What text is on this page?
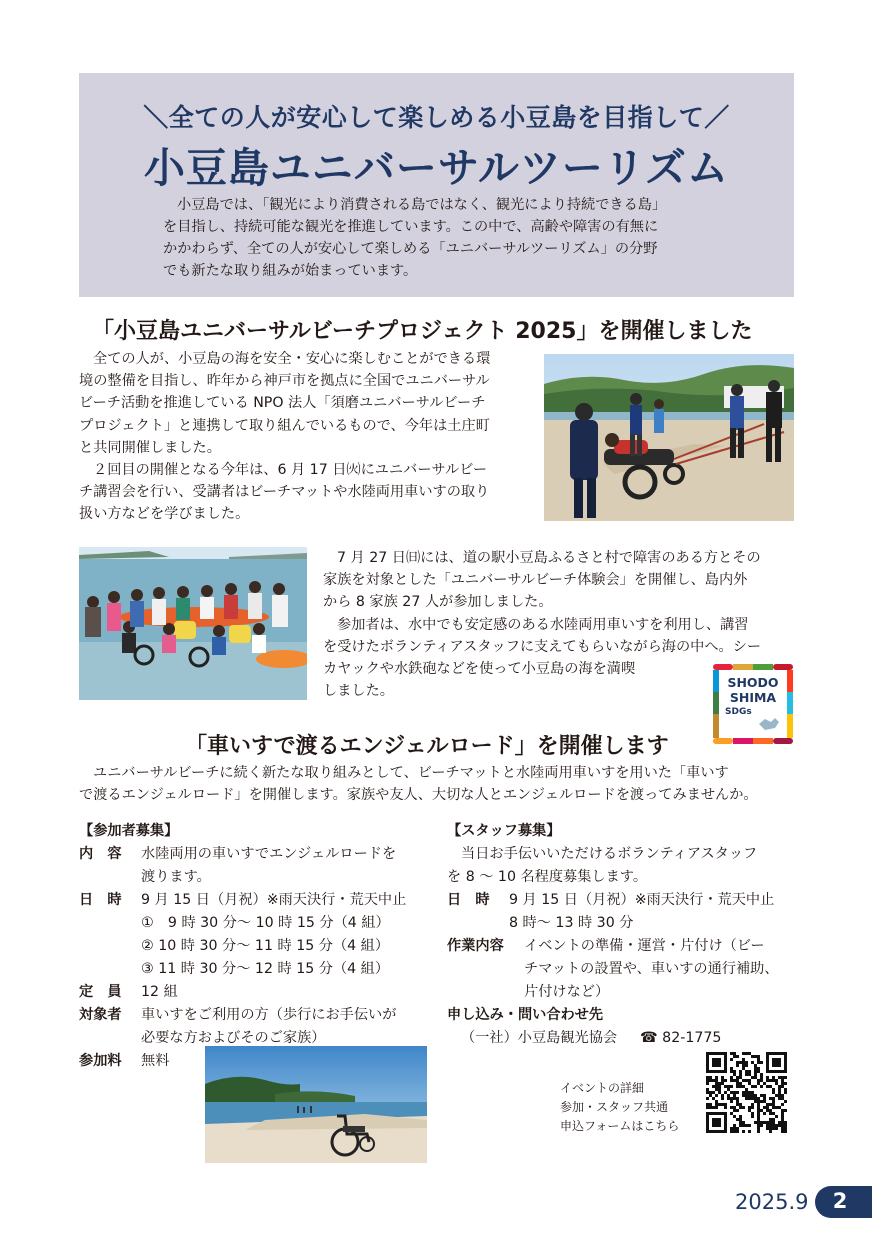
＼全ての人が安心して楽しめる小豆島を目指して／
小豆島ユニバーサルツーリズム
小豆島では、「観光により消費される島ではなく、観光により持続できる島」
を目指し、持続可能な観光を推進しています。この中で、高齢や障害の有無に
かかわらず、全ての人が安心して楽しめる「ユニバーサルツーリズム」の分野
でも新たな取り組みが始まっています。
「小豆島ユニバーサルビーチプロジェクト 2025」を開催しました
全ての人が、小豆島の海を安全・安心に楽しむことができる環
境の整備を目指し、昨年から神戸市を拠点に全国でユニバーサル
ビーチ活動を推進している NPO 法人「須磨ユニバーサルビーチ
プロジェクト」と連携して取り組んでいるもので、今年は土庄町
と共同開催しました。
２回目の開催となる今年は、6 月 17 日㈫にユニバーサルビー
チ講習会を行い、受講者はビーチマットや水陸両用車いすの取り
扱い方などを学びました。
7 月 27 日㈰には、道の駅小豆島ふるさと村で障害のある方とその
家族を対象とした「ユニバーサルビーチ体験会」を開催し、島内外
から 8 家族 27 人が参加しました。
参加者は、水中でも安定感のある水陸両用車いすを利用し、講習
を受けたボランティアスタッフに支えてもらいながら海の中へ。シー
カヤックや水鉄砲などを使って小豆島の海を満喫
しました。
SHODO
SHIMA
SDGs
「車いすで渡るエンジェルロード」を開催します
ユニバーサルビーチに続く新たな取り組みとして、ビーチマットと水陸両用車いすを用いた「車いす
で渡るエンジェルロード」を開催します。家族や友人、大切な人とエンジェルロードを渡ってみませんか。
【参加者募集】
内　容 水陸両用の車いすでエンジェルロードを
渡ります。
日　時 9 月 15 日（月祝）※雨天決行・荒天中止
①　9 時 30 分～ 10 時 15 分（4 組）
② 10 時 30 分～ 11 時 15 分（4 組）
③ 11 時 30 分～ 12 時 15 分（4 組）
定　員 12 組
対象者 車いすをご利用の方（歩行にお手伝いが
必要な方およびそのご家族）
参加料 無料
【スタッフ募集】
当日お手伝いいただけるボランティアスタッフ
を 8 ～ 10 名程度募集します。
日　時 9 月 15 日（月祝）※雨天決行・荒天中止
8 時～ 13 時 30 分
作業内容 イベントの準備・運営・片付け（ビー
チマットの設置や、車いすの通行補助、
片付けなど）
申し込み・問い合わせ先
（一社）小豆島観光協会 ☎ 82-1775
イベントの詳細
参加・スタッフ共通
申込フォームはこちら
2025.9	2
